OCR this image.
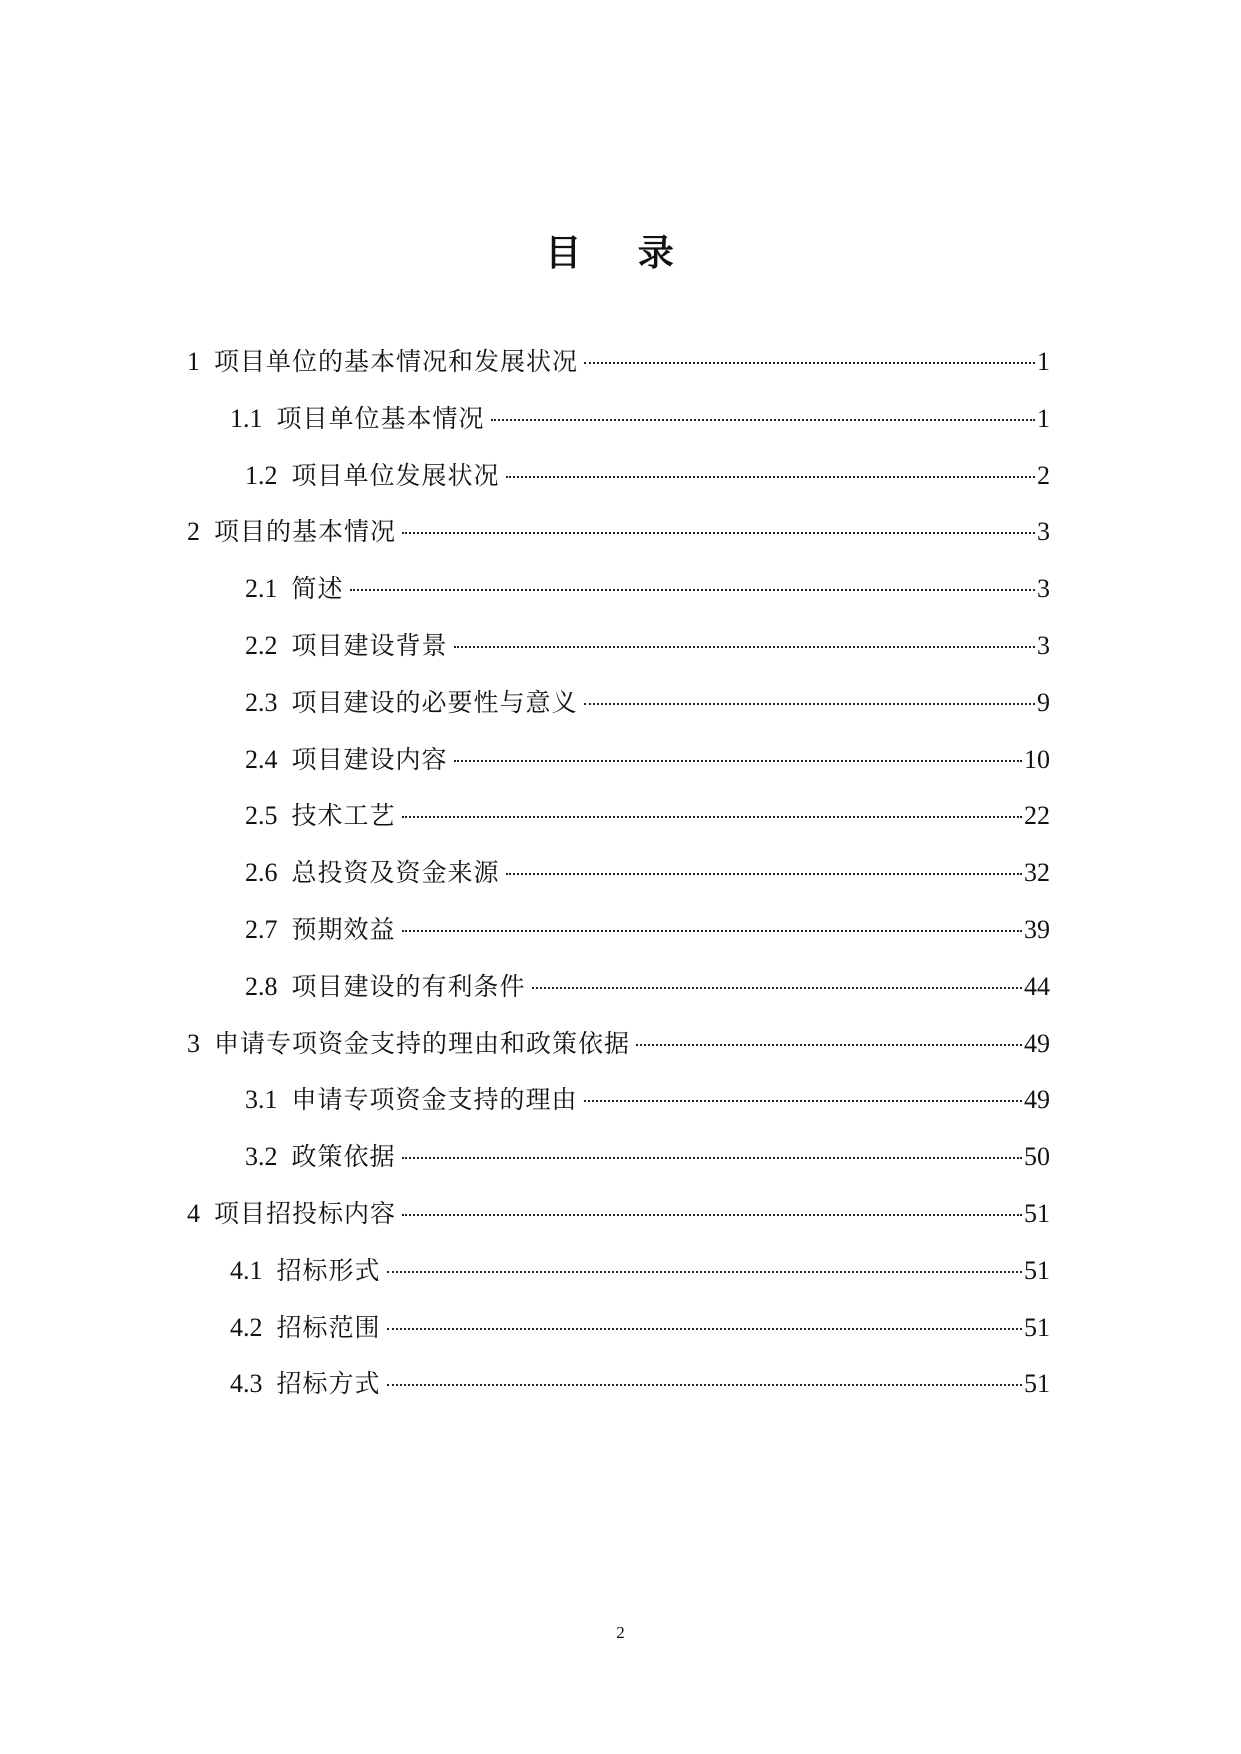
目 录
1 项目单位的基本情况和发展状况	1
1.1 项目单位基本情况	1
1.2 项目单位发展状况	2
2 项目的基本情况	3
2.1 简述	3
2.2 项目建设背景	3
2.3 项目建设的必要性与意义	9
2.4 项目建设内容	10
2.5 技术工艺	22
2.6 总投资及资金来源	32
2.7 预期效益	39
2.8 项目建设的有利条件	44
3 申请专项资金支持的理由和政策依据	49
3.1 申请专项资金支持的理由	49
3.2 政策依据	50
4 项目招投标内容	51
4.1 招标形式	51
4.2 招标范围	51
4.3 招标方式	51
2
